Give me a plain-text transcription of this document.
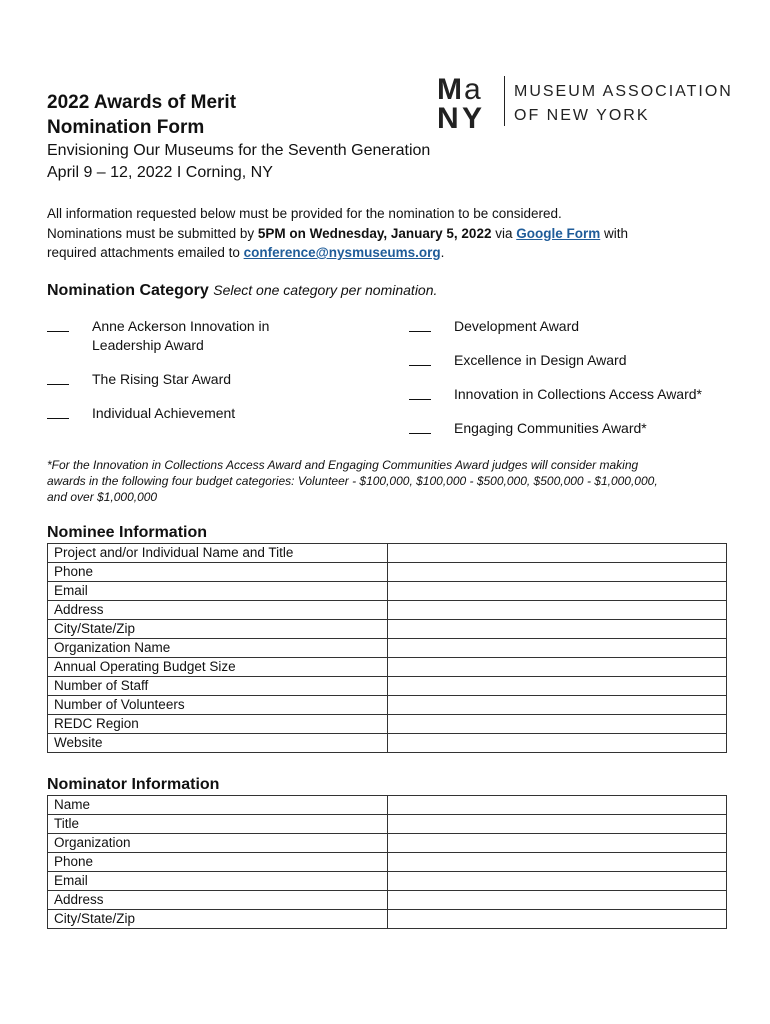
2022 Awards of Merit
Nomination Form
Envisioning Our Museums for the Seventh Generation
April 9 – 12, 2022 I Corning, NY
M a
N Y
MUSEUM ASSOCIATION
OF NEW YORK
All information requested below must be provided for the nomination to be considered.
Nominations must be submitted by 5PM on Wednesday, January 5, 2022 via Google Form with
required attachments emailed to conference@nysmuseums.org.
Nomination Category Select one category per nomination.
Anne Ackerson Innovation in
Leadership Award
The Rising Star Award
Individual Achievement
Development Award
Excellence in Design Award
Innovation in Collections Access Award*
Engaging Communities Award*
*For the Innovation in Collections Access Award and Engaging Communities Award judges will consider making
awards in the following four budget categories: Volunteer - $100,000, $100,000 - $500,000, $500,000 - $1,000,000,
and over $1,000,000
Nominee Information
Project and/or Individual Name and Title	
Phone	
Email	
Address	
City/State/Zip	
Organization Name	
Annual Operating Budget Size	
Number of Staff	
Number of Volunteers	
REDC Region	
Website	
Nominator Information
Name	
Title	
Organization	
Phone	
Email	
Address	
City/State/Zip	
